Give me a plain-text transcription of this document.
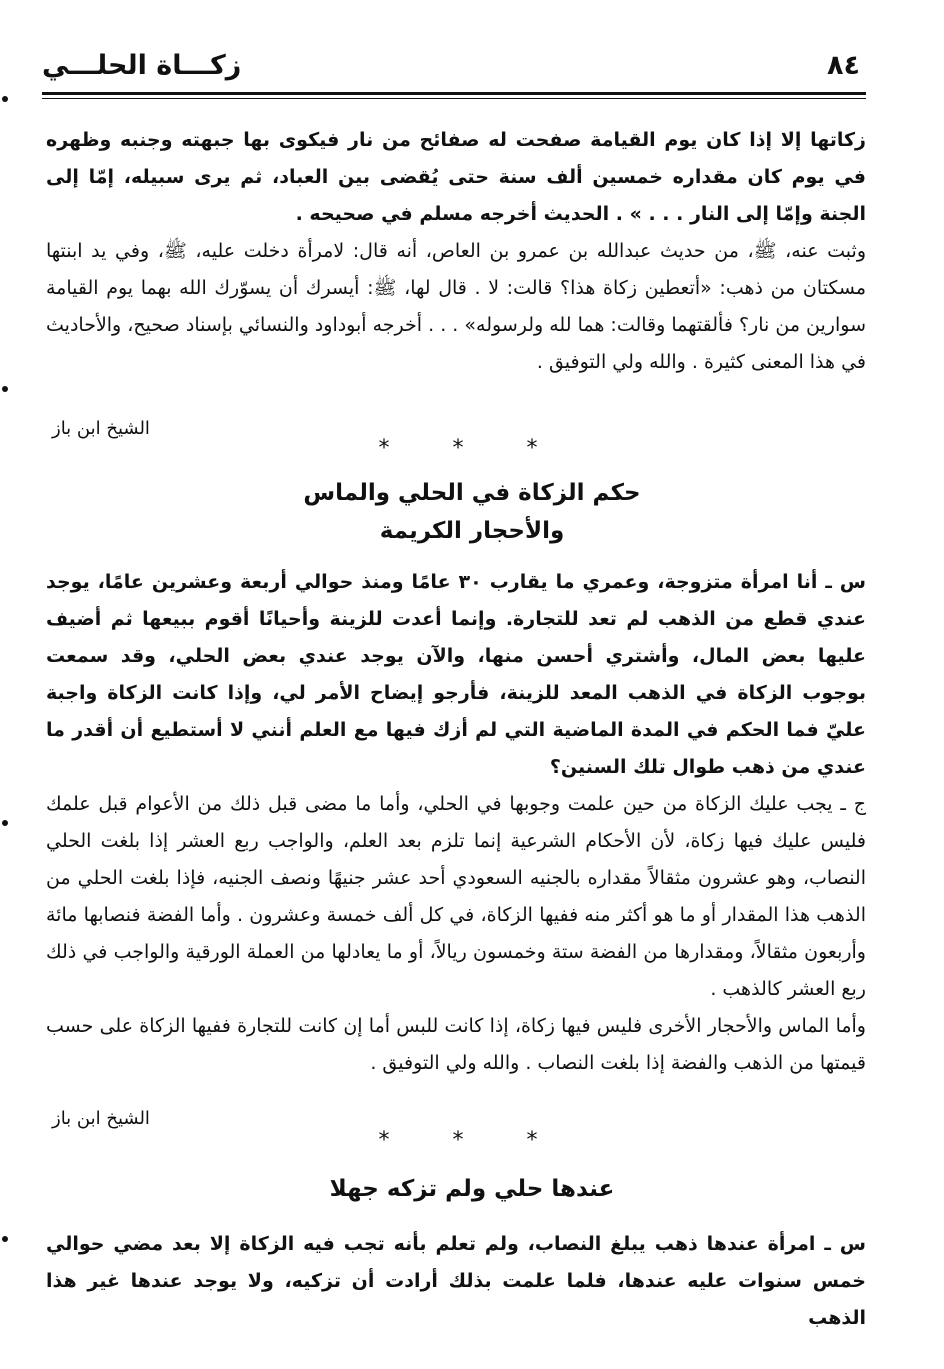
زكـــاة الحلـــي	٨٤

زكاتها إلا إذا كان يوم القيامة صفحت له صفائح من نار فيكوى بها جبهته وجنبه وظهره في يوم كان مقداره خمسين ألف سنة حتى يُقضى بين العباد، ثم يرى سبيله، إمّا إلى الجنة وإمّا إلى النار . . . » . الحديث أخرجه مسلم في صحيحه .

وثبت عنه، ﷺ، من حديث عبدالله بن عمرو بن العاص، أنه قال: لامرأة دخلت عليه، ﷺ، وفي يد ابنتها مسكتان من ذهب: «أتعطين زكاة هذا؟ قالت: لا . قال لها، ﷺ: أيسرك أن يسوّرك الله بهما يوم القيامة سوارين من نار؟ فألقتهما وقالت: هما لله ولرسوله» . . . أخرجه أبوداود والنسائي بإسناد صحيح، والأحاديث في هذا المعنى كثيرة . والله ولي التوفيق .

الشيخ ابن باز
* * *
حكم الزكاة في الحلي والماس
والأحجار الكريمة

س ـ أنا امرأة متزوجة، وعمري ما يقارب ٣٠ عامًا ومنذ حوالي أربعة وعشرين عامًا، يوجد عندي قطع من الذهب لم تعد للتجارة. وإنما أعدت للزينة وأحيانًا أقوم ببيعها ثم أضيف عليها بعض المال، وأشتري أحسن منها، والآن يوجد عندي بعض الحلي، وقد سمعت بوجوب الزكاة في الذهب المعد للزينة، فأرجو إيضاح الأمر لي، وإذا كانت الزكاة واجبة عليّ فما الحكم في المدة الماضية التي لم أزك فيها مع العلم أنني لا أستطيع أن أقدر ما عندي من ذهب طوال تلك السنين؟

ج ـ يجب عليك الزكاة من حين علمت وجوبها في الحلي، وأما ما مضى قبل ذلك من الأعوام قبل علمك فليس عليك فيها زكاة، لأن الأحكام الشرعية إنما تلزم بعد العلم، والواجب ربع العشر إذا بلغت الحلي النصاب، وهو عشرون مثقالاً مقداره بالجنيه السعودي أحد عشر جنيهًا ونصف الجنيه، فإذا بلغت الحلي من الذهب هذا المقدار أو ما هو أكثر منه ففيها الزكاة، في كل ألف خمسة وعشرون . وأما الفضة فنصابها مائة وأربعون مثقالاً، ومقدارها من الفضة ستة وخمسون ريالاً، أو ما يعادلها من العملة الورقية والواجب في ذلك ربع العشر كالذهب .

وأما الماس والأحجار الأخرى فليس فيها زكاة، إذا كانت للبس أما إن كانت للتجارة ففيها الزكاة على حسب قيمتها من الذهب والفضة إذا بلغت النصاب . والله ولي التوفيق .

الشيخ ابن باز
* * *
عندها حلي ولم تزكه جهلا

س ـ امرأة عندها ذهب يبلغ النصاب، ولم تعلم بأنه تجب فيه الزكاة إلا بعد مضي حوالي خمس سنوات عليه عندها، فلما علمت بذلك أرادت أن تزكيه، ولا يوجد عندها غير هذا الذهب
